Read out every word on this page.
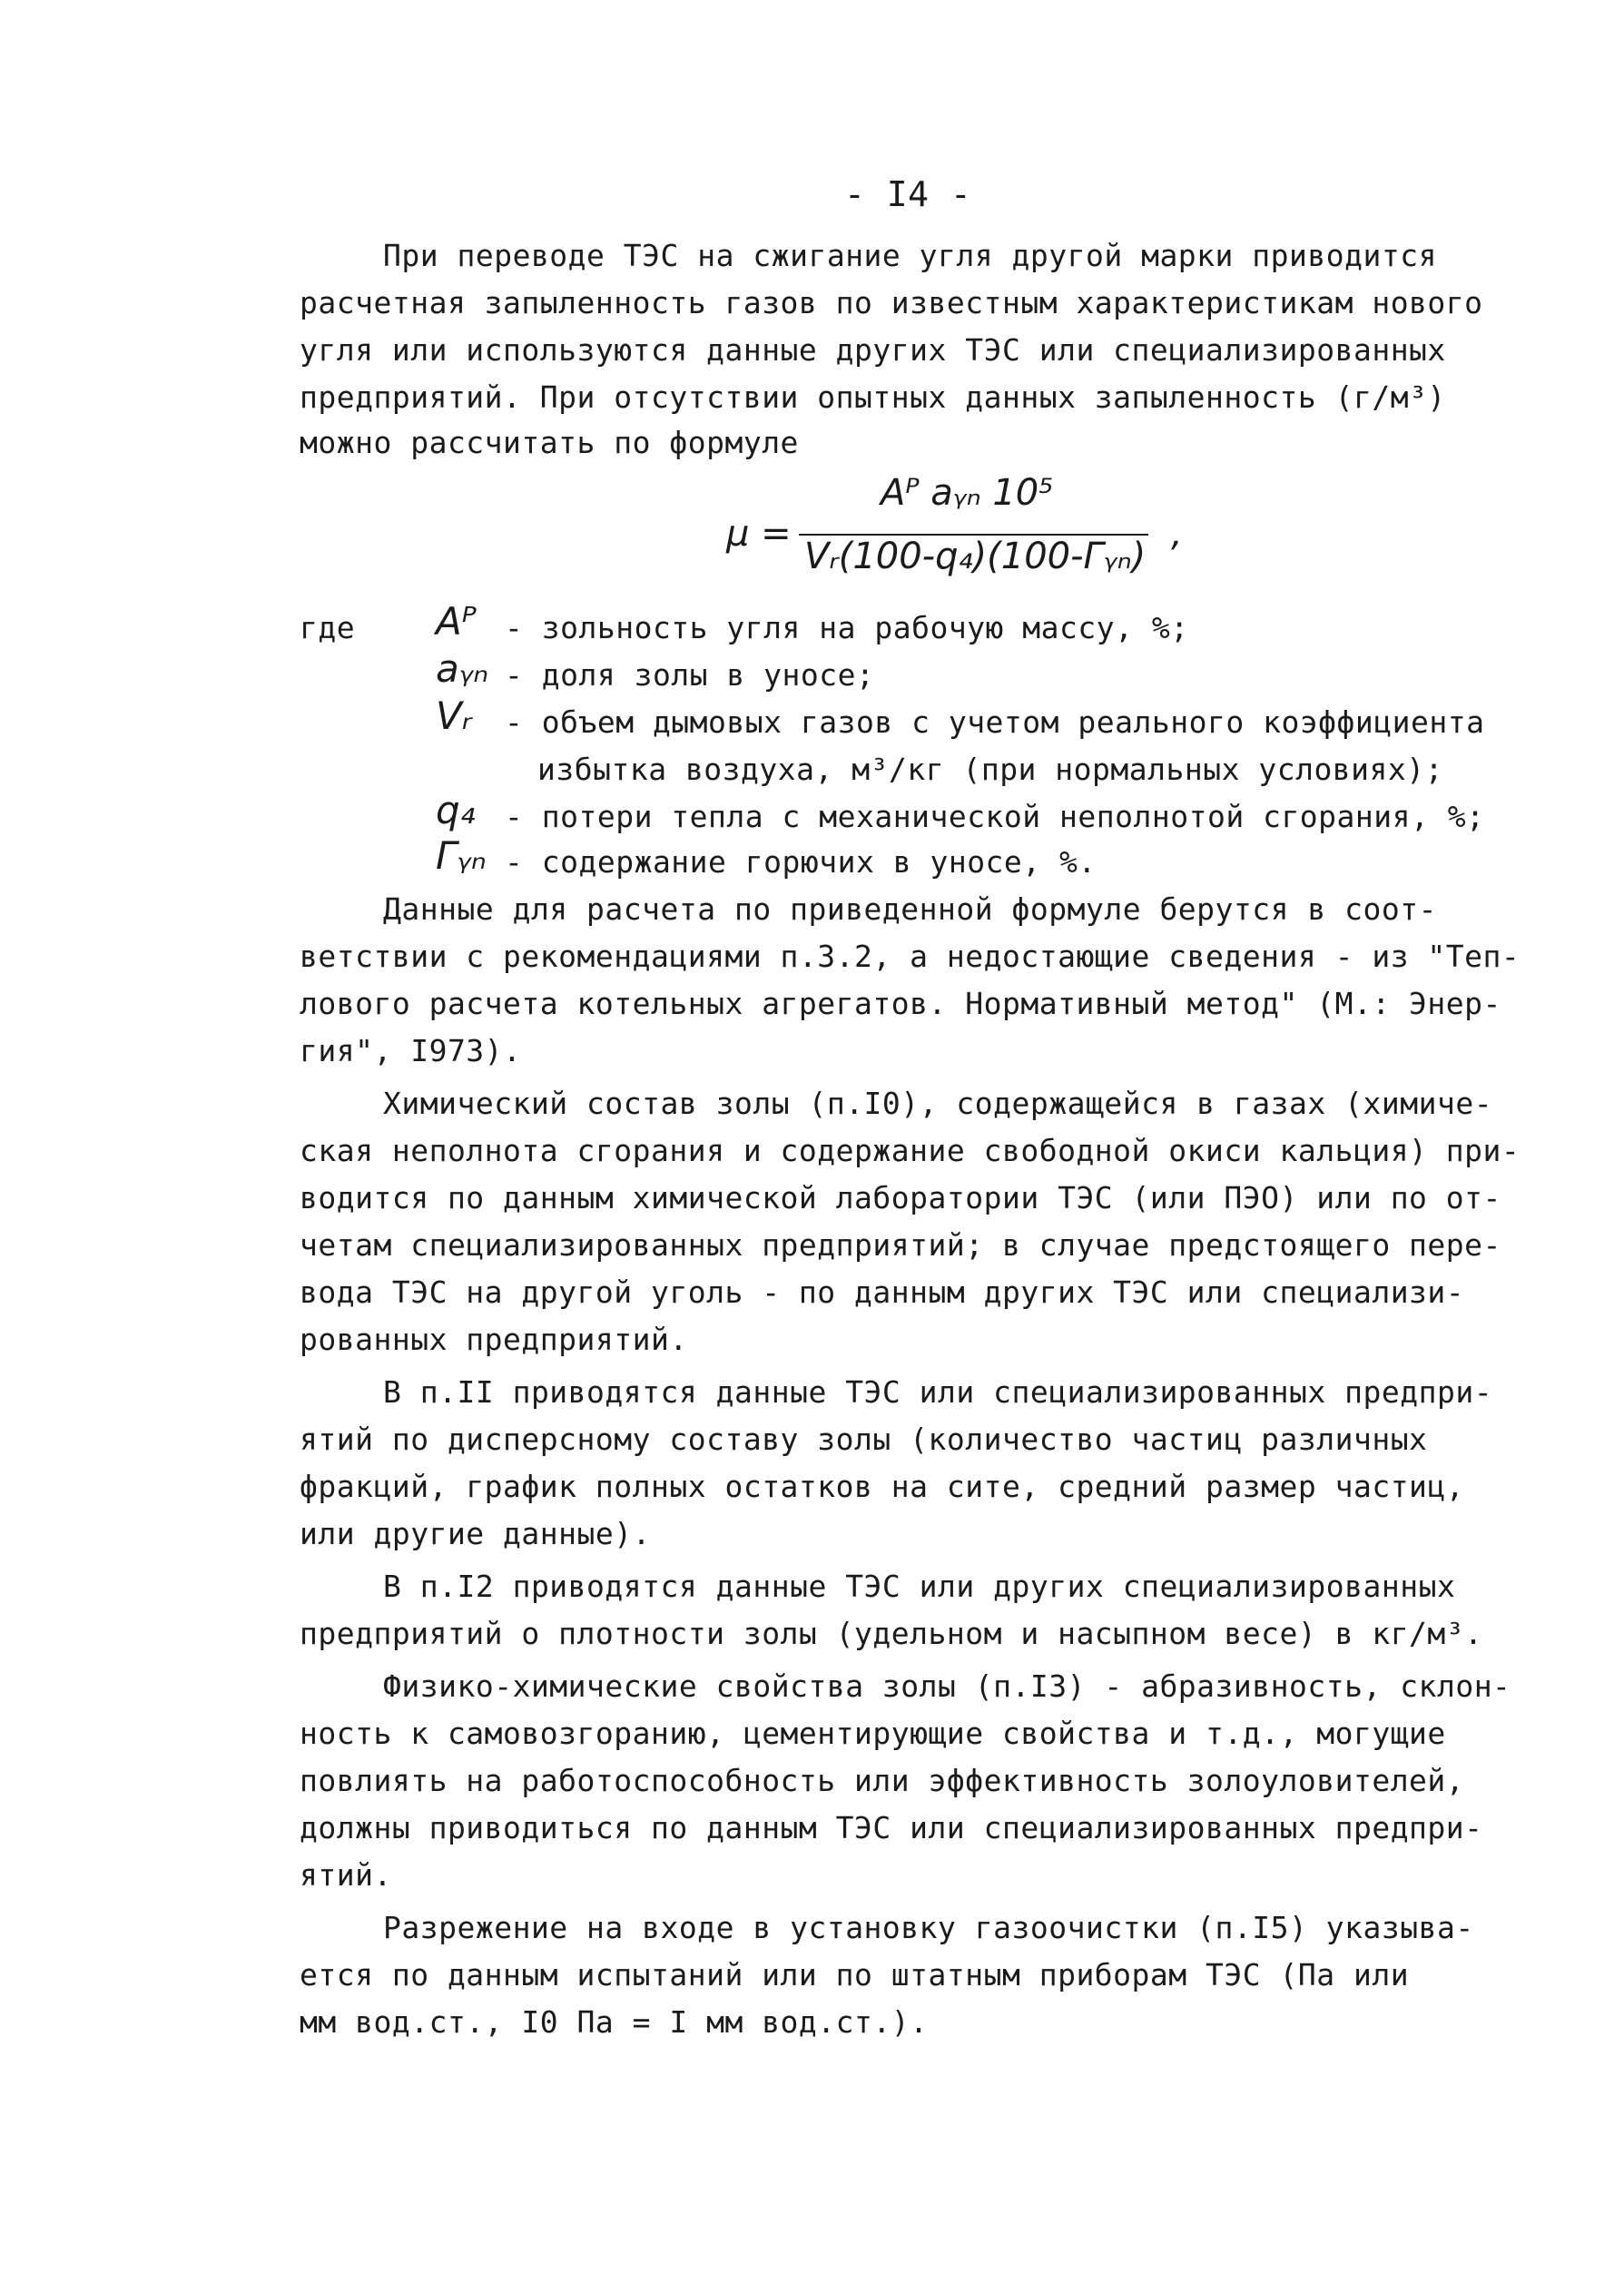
- I4 -
При переводе ТЭС на сжигание угля другой марки приводится
расчетная запыленность газов по известным характеристикам нового
угля или используются данные других ТЭС или специализированных
предприятий. При отсутствии опытных данных запыленность (г/м³)
можно рассчитать по формуле
μ =
Aᴾ aᵧₙ 10⁵
Vᵣ(100-q₄)(100-Гᵧₙ)
,
где Aᴾ - зольность угля на рабочую массу, %;
aᵧₙ - доля золы в уносе;
Vᵣ - объем дымовых газов с учетом реального коэффициента
избытка воздуха, м³/кг (при нормальных условиях);
q₄ - потери тепла с механической неполнотой сгорания, %;
Гᵧₙ - содержание горючих в уносе, %.
Данные для расчета по приведенной формуле берутся в соот-
ветствии с рекомендациями п.3.2, а недостающие сведения - из "Теп-
лового расчета котельных агрегатов. Нормативный метод" (М.: Энер-
гия", I973).
Химический состав золы (п.I0), содержащейся в газах (химиче-
ская неполнота сгорания и содержание свободной окиси кальция) при-
водится по данным химической лаборатории ТЭС (или ПЭО) или по от-
четам специализированных предприятий; в случае предстоящего пере-
вода ТЭС на другой уголь - по данным других ТЭС или специализи-
рованных предприятий.
В п.II приводятся данные ТЭС или специализированных предпри-
ятий по дисперсному составу золы (количество частиц различных
фракций, график полных остатков на сите, средний размер частиц,
или другие данные).
В п.I2 приводятся данные ТЭС или других специализированных
предприятий о плотности золы (удельном и насыпном весе) в кг/м³.
Физико-химические свойства золы (п.I3) - абразивность, склон-
ность к самовозгоранию, цементирующие свойства и т.д., могущие
повлиять на работоспособность или эффективность золоуловителей,
должны приводиться по данным ТЭС или специализированных предпри-
ятий.
Разрежение на входе в установку газоочистки (п.I5) указыва-
ется по данным испытаний или по штатным приборам ТЭС (Па или
мм вод.ст., I0 Па = I мм вод.ст.).
